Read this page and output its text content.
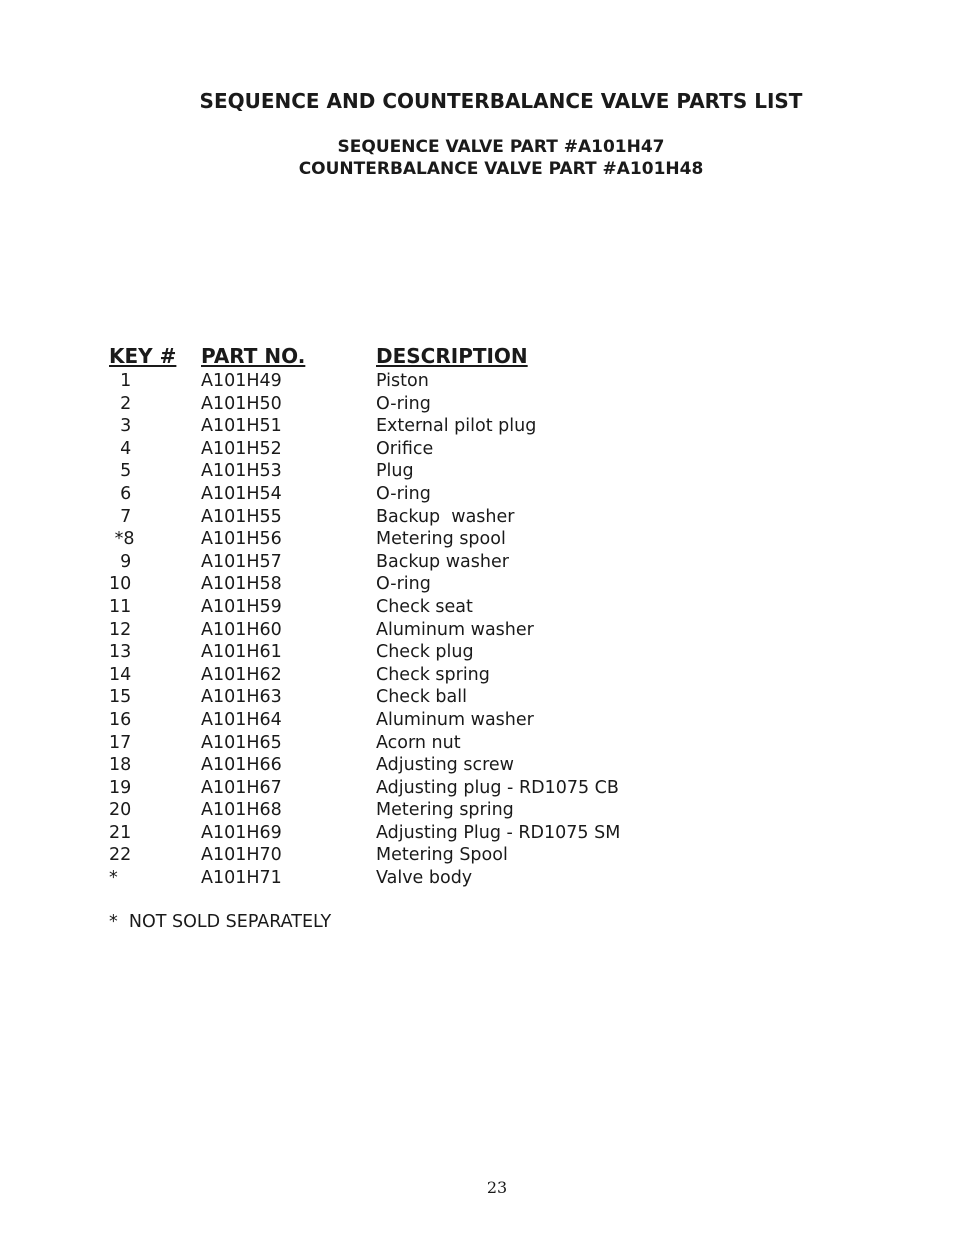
SEQUENCE AND COUNTERBALANCE VALVE PARTS LIST
SEQUENCE VALVE PART #A101H47
COUNTERBALANCE VALVE PART #A101H48
KEY # PART NO.	DESCRIPTION
1	A101H49	Piston
2	A101H50	O-ring
3	A101H51	External pilot plug
4	A101H52	Orifice
5	A101H53	Plug
6	A101H54	O-ring
7	A101H55	Backup  washer
*8	A101H56	Metering spool
9	A101H57	Backup washer
10	A101H58	O-ring
11	A101H59	Check seat
12	A101H60	Aluminum washer
13	A101H61	Check plug
14	A101H62	Check spring
15	A101H63	Check ball
16	A101H64	Aluminum washer
17	A101H65	Acorn nut
18	A101H66	Adjusting screw
19	A101H67	Adjusting plug - RD1075 CB
20	A101H68	Metering spring
21	A101H69	Adjusting Plug - RD1075 SM
22	A101H70	Metering Spool
*	A101H71	Valve body
*  NOT SOLD SEPARATELY
23
